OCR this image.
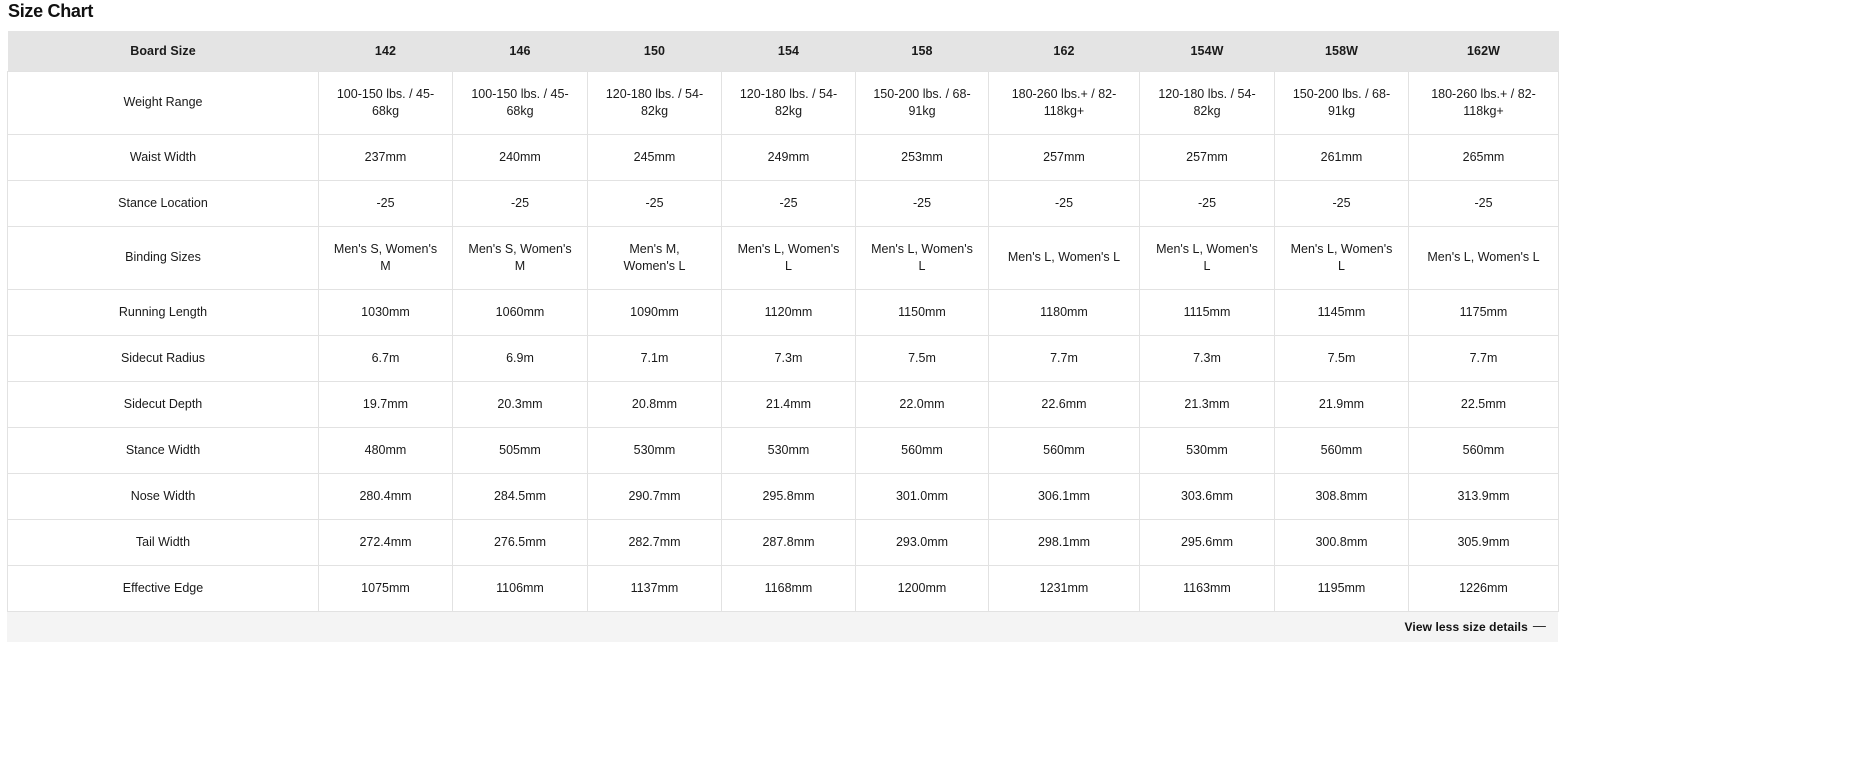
Size Chart
Board Size	142	146	150	154	158	162	154W	158W	162W
Weight Range	100-150 lbs. / 45-68kg	100-150 lbs. / 45-68kg	120-180 lbs. / 54-82kg	120-180 lbs. / 54-82kg	150-200 lbs. / 68-91kg	180-260 lbs.+ / 82-118kg+	120-180 lbs. / 54-82kg	150-200 lbs. / 68-91kg	180-260 lbs.+ / 82-118kg+
Waist Width	237mm	240mm	245mm	249mm	253mm	257mm	257mm	261mm	265mm
Stance Location	-25	-25	-25	-25	-25	-25	-25	-25	-25
Binding Sizes	Men's S, Women's M	Men's S, Women's M	Men's M, Women's L	Men's L, Women's L	Men's L, Women's L	Men's L, Women's L	Men's L, Women's L	Men's L, Women's L	Men's L, Women's L
Running Length	1030mm	1060mm	1090mm	1120mm	1150mm	1180mm	1115mm	1145mm	1175mm
Sidecut Radius	6.7m	6.9m	7.1m	7.3m	7.5m	7.7m	7.3m	7.5m	7.7m
Sidecut Depth	19.7mm	20.3mm	20.8mm	21.4mm	22.0mm	22.6mm	21.3mm	21.9mm	22.5mm
Stance Width	480mm	505mm	530mm	530mm	560mm	560mm	530mm	560mm	560mm
Nose Width	280.4mm	284.5mm	290.7mm	295.8mm	301.0mm	306.1mm	303.6mm	308.8mm	313.9mm
Tail Width	272.4mm	276.5mm	282.7mm	287.8mm	293.0mm	298.1mm	295.6mm	300.8mm	305.9mm
Effective Edge	1075mm	1106mm	1137mm	1168mm	1200mm	1231mm	1163mm	1195mm	1226mm
View less size details —
